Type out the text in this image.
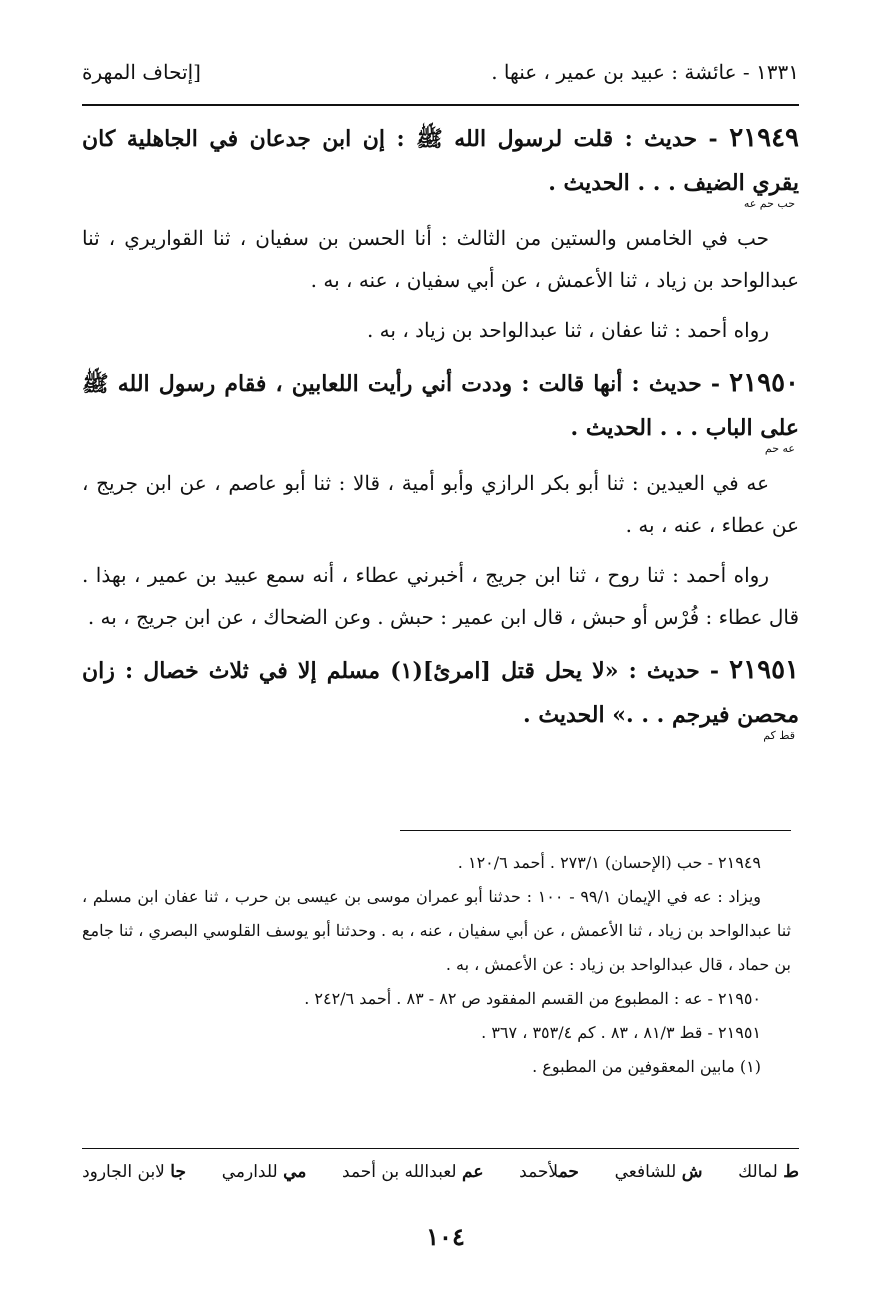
١٣٣١ - عائشة : عبيد بن عمير ، عنها .
[إتحاف المهرة
٢١٩٤٩ - حديث : قلت لرسول الله ﷺ : إن ابن جدعان في الجاهلية كان يقري الضيف . . . الحديث .
حب حم عه
حب في الخامس والستين من الثالث : أنا الحسن بن سفيان ، ثنا القواريري ، ثنا عبدالواحد بن زياد ، ثنا الأعمش ، عن أبي سفيان ، عنه ، به .
رواه أحمد : ثنا عفان ، ثنا عبدالواحد بن زياد ، به .
٢١٩٥٠ - حديث : أنها قالت : وددت أني رأيت اللعابين ، فقام رسول الله ﷺ على الباب . . . الحديث .
عه حم
عه في العيدين : ثنا أبو بكر الرازي وأبو أمية ، قالا : ثنا أبو عاصم ، عن ابن جريج ، عن عطاء ، عنه ، به .
رواه أحمد : ثنا روح ، ثنا ابن جريج ، أخبرني عطاء ، أنه سمع عبيد بن عمير ، بهذا . قال عطاء : فُرْس أو حبش ، قال ابن عمير : حبش . وعن الضحاك ، عن ابن جريج ، به .
٢١٩٥١ - حديث : «لا يحل قتل [امرئ](١) مسلم إلا في ثلاث خصال : زان محصن فيرجم . . .» الحديث .
قط كم
٢١٩٤٩ - حب (الإحسان) ٢٧٣/١ . أحمد ١٢٠/٦ .
ويزاد : عه في الإيمان ٩٩/١ - ١٠٠ : حدثنا أبو عمران موسى بن عيسى بن حرب ، ثنا عفان ابن مسلم ، ثنا عبدالواحد بن زياد ، ثنا الأعمش ، عن أبي سفيان ، عنه ، به . وحدثنا أبو يوسف القلوسي البصري ، ثنا جامع بن حماد ، قال عبدالواحد بن زياد : عن الأعمش ، به .
٢١٩٥٠ - عه : المطبوع من القسم المفقود ص ٨٢ - ٨٣ . أحمد ٢٤٢/٦ .
٢١٩٥١ - قط ٨١/٣ ، ٨٣ . كم ٣٥٣/٤ ، ٣٦٧ .
(١) مابين المعقوفين من المطبوع .
ط لمالك
ش للشافعي
حملأحمد
عم لعبدالله بن أحمد
مي للدارمي
جا لابن الجارود
١٠٤
